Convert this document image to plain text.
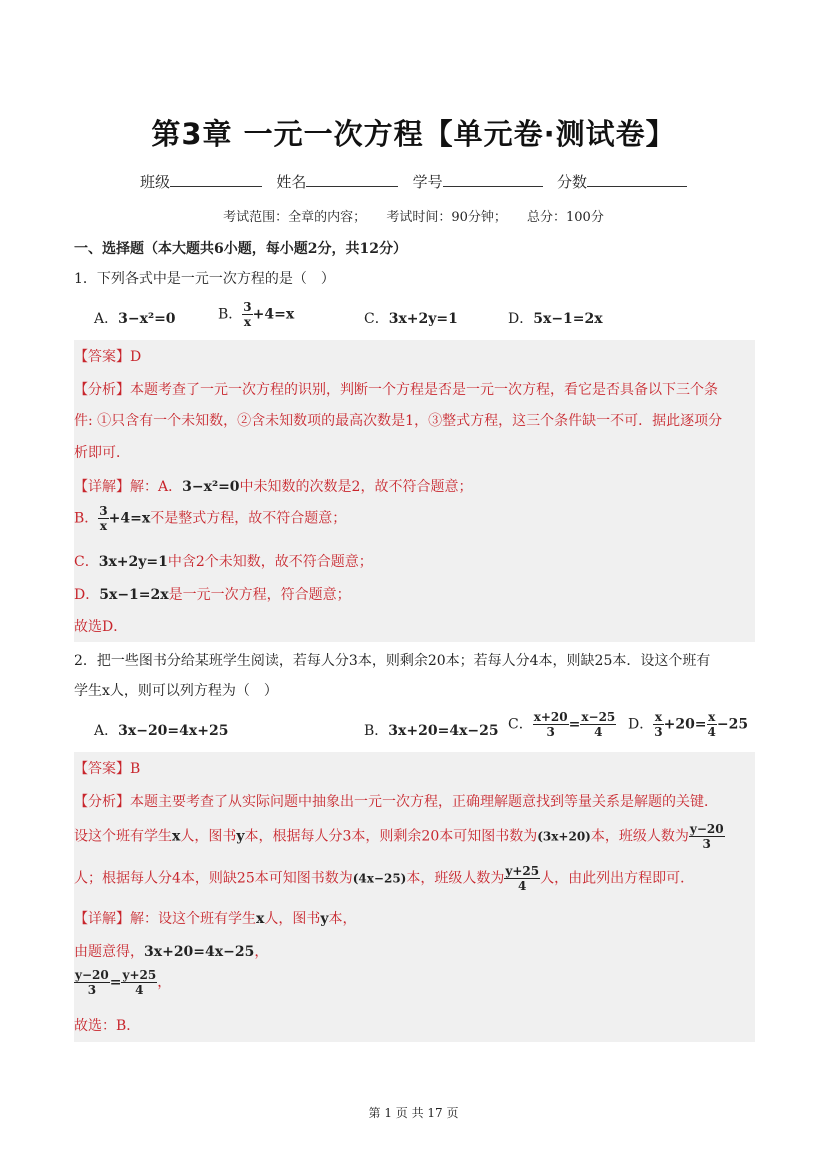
第3章 一元一次方程【单元卷·测试卷】
班级	姓名	学号	分数
考试范围：全章的内容； 考试时间：90分钟； 总分：100分
一、选择题（本大题共6小题，每小题2分，共12分）
1．下列各式中是一元一次方程的是（　）
A．3−x²=0	B． $\frac{3}{x} +4=x$	C．3x+2y=1	D．5x−1=2x
【答案】D
【分析】本题考查了一元一次方程的识别，判断一个方程是否是一元一次方程，看它是否具备以下三个条
件: ①只含有一个未知数，②含未知数项的最高次数是1，③整式方程，这三个条件缺一不可．据此逐项分
析即可．
【详解】解：A．3−x²=0中未知数的次数是2，故不符合题意；
B． $\frac{3}{x} +4=x$不是整式方程，故不符合题意；
C．3x+2y=1中含2个未知数，故不符合题意；
D．5x−1=2x是一元一次方程，符合题意；
故选D．
2．把一些图书分给某班学生阅读，若每人分3本，则剩余20本；若每人分4本，则缺25本．设这个班有
学生x人，则可以列方程为（　）
A．3x−20=4x+25	B．3x+20=4x−25 C． $\frac{x+20}{3} = \frac{x-25}{4}$ D． $\frac{x}{3} +20= \frac{x}{4} -25$
【答案】B
【分析】本题主要考查了从实际问题中抽象出一元一次方程，正确理解题意找到等量关系是解题的关键．
设这个班有学生x人，图书y本，根据每人分3本，则剩余20本可知图书数为(3x+20)本，班级人数为 $\frac{y-20}{3}$
人；根据每人分4本，则缺25本可知图书数为(4x−25)本，班级人数为 $\frac{y+25}{4}$ 人，由此列出方程即可．
【详解】解：设这个班有学生x人，图书y本，
由题意得，3x+20=4x−25，
$\frac{y-20}{3} = \frac{y+25}{4}$ ，
故选：B．
第 1 页 共 17 页
